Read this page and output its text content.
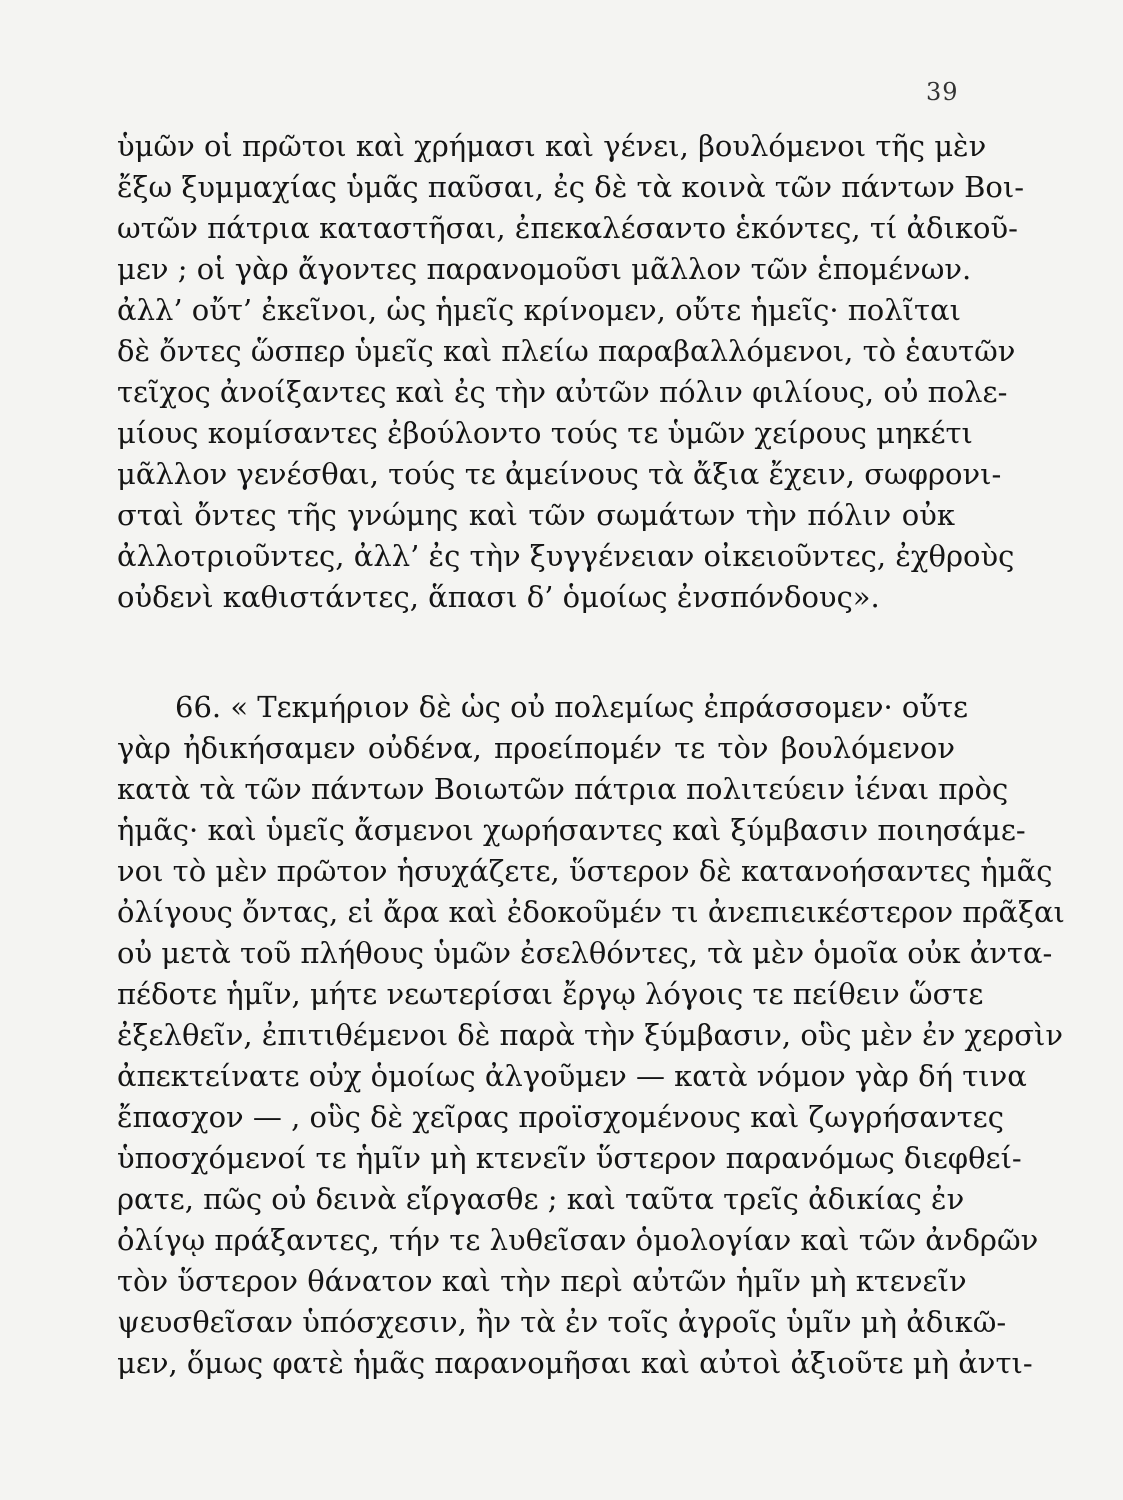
39
ὑμῶν οἱ πρῶτοι καὶ χρήμασι καὶ γένει, βουλόμενοι τῆς μὲν
ἔξω ξυμμαχίας ὑμᾶς παῦσαι, ἐς δὲ τὰ κοινὰ τῶν πάντων Βοι-
ωτῶν πάτρια καταστῆσαι, ἐπεκαλέσαντο ἑκόντες, τί ἀδικοῦ-
μεν ; οἱ γὰρ ἄγοντες παρανομοῦσι μᾶλλον τῶν ἑπομένων.
ἀλλ’ οὔτ’ ἐκεῖνοι, ὡς ἡμεῖς κρίνομεν, οὔτε ἡμεῖς· πολῖται
δὲ ὄντες ὥσπερ ὑμεῖς καὶ πλείω παραβαλλόμενοι, τὸ ἑαυτῶν
τεῖχος ἀνοίξαντες καὶ ἐς τὴν αὐτῶν πόλιν φιλίους, οὐ πολε-
μίους κομίσαντες ἐβούλοντο τούς τε ὑμῶν χείρους μηκέτι
μᾶλλον γενέσθαι, τούς τε ἀμείνους τὰ ἄξια ἔχειν, σωφρονι-
σταὶ ὄντες τῆς γνώμης καὶ τῶν σωμάτων τὴν πόλιν οὐκ
ἀλλοτριοῦντες, ἀλλ’ ἐς τὴν ξυγγένειαν οἰκειοῦντες, ἐχθροὺς
οὐδενὶ καθιστάντες, ἅπασι δ’ ὁμοίως ἐνσπόνδους».
66. « Τεκμήριον δὲ ὡς οὐ πολεμίως ἐπράσσομεν· οὔτε
γὰρ ἠδικήσαμεν οὐδένα, προείπομέν τε τὸν βουλόμενον
κατὰ τὰ τῶν πάντων Βοιωτῶν πάτρια πολιτεύειν ἰέναι πρὸς
ἡμᾶς· καὶ ὑμεῖς ἄσμενοι χωρήσαντες καὶ ξύμβασιν ποιησάμε-
νοι τὸ μὲν πρῶτον ἡσυχάζετε, ὕστερον δὲ κατανοήσαντες ἡμᾶς
ὀλίγους ὄντας, εἰ ἄρα καὶ ἐδοκοῦμέν τι ἀνεπιεικέστερον πρᾶξαι
οὐ μετὰ τοῦ πλήθους ὑμῶν ἐσελθόντες, τὰ μὲν ὁμοῖα οὐκ ἀντα-
πέδοτε ἡμῖν, μήτε νεωτερίσαι ἔργῳ λόγοις τε πείθειν ὥστε
ἐξελθεῖν, ἐπιτιθέμενοι δὲ παρὰ τὴν ξύμβασιν, οὓς μὲν ἐν χερσὶν
ἀπεκτείνατε οὐχ ὁμοίως ἀλγοῦμεν — κατὰ νόμον γὰρ δή τινα
ἔπασχον — , οὓς δὲ χεῖρας προϊσχομένους καὶ ζωγρήσαντες
ὑποσχόμενοί τε ἡμῖν μὴ κτενεῖν ὕστερον παρανόμως διεφθεί-
ρατε, πῶς οὐ δεινὰ εἴργασθε ; καὶ ταῦτα τρεῖς ἀδικίας ἐν
ὀλίγῳ πράξαντες, τήν τε λυθεῖσαν ὁμολογίαν καὶ τῶν ἀνδρῶν
τὸν ὕστερον θάνατον καὶ τὴν περὶ αὐτῶν ἡμῖν μὴ κτενεῖν
ψευσθεῖσαν ὑπόσχεσιν, ἢν τὰ ἐν τοῖς ἀγροῖς ὑμῖν μὴ ἀδικῶ-
μεν, ὅμως φατὲ ἡμᾶς παρανομῆσαι καὶ αὐτοὶ ἀξιοῦτε μὴ ἀντι-
